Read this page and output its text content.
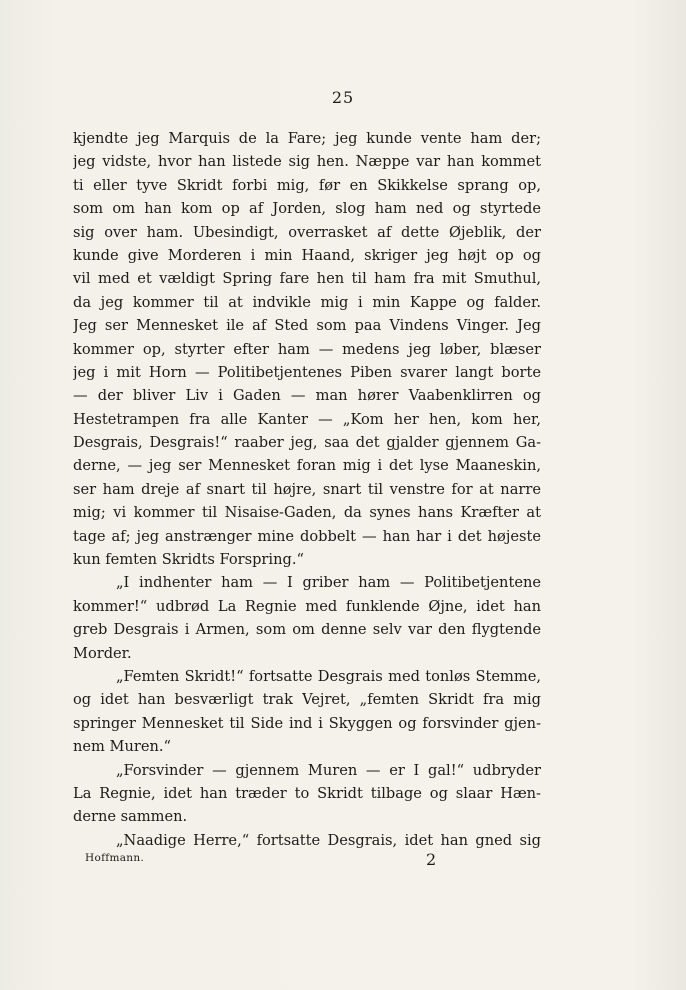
25
kjendte jeg Marquis de la Fare; jeg kunde vente ham der;
jeg vidste, hvor han listede sig hen. Næppe var han kommet
ti eller tyve Skridt forbi mig, før en Skikkelse sprang op,
som om han kom op af Jorden, slog ham ned og styrtede
sig over ham. Ubesindigt, overrasket af dette Øjeblik, der
kunde give Morderen i min Haand, skriger jeg højt op og
vil med et vældigt Spring fare hen til ham fra mit Smuthul,
da jeg kommer til at indvikle mig i min Kappe og falder.
Jeg ser Mennesket ile af Sted som paa Vindens Vinger. Jeg
kommer op, styrter efter ham — medens jeg løber, blæser
jeg i mit Horn — Politibetjentenes Piben svarer langt borte
— der bliver Liv i Gaden — man hører Vaabenklirren og
Hestetrampen fra alle Kanter — „Kom her hen, kom her,
Desgrais, Desgrais!“ raaber jeg, saa det gjalder gjennem Ga-
derne, — jeg ser Mennesket foran mig i det lyse Maaneskin,
ser ham dreje af snart til højre, snart til venstre for at narre
mig; vi kommer til Nisaise-Gaden, da synes hans Kræfter at
tage af; jeg anstrænger mine dobbelt — han har i det højeste
kun femten Skridts Forspring.“
„I indhenter ham — I griber ham — Politibetjentene
kommer!“ udbrød La Regnie med funklende Øjne, idet han
greb Desgrais i Armen, som om denne selv var den flygtende
Morder.
„Femten Skridt!“ fortsatte Desgrais med tonløs Stemme,
og idet han besværligt trak Vejret, „femten Skridt fra mig
springer Mennesket til Side ind i Skyggen og forsvinder gjen-
nem Muren.“
„Forsvinder — gjennem Muren — er I gal!“ udbryder
La Regnie, idet han træder to Skridt tilbage og slaar Hæn-
derne sammen.
„Naadige Herre,“ fortsatte Desgrais, idet han gned sig
Hoffmann.	2
